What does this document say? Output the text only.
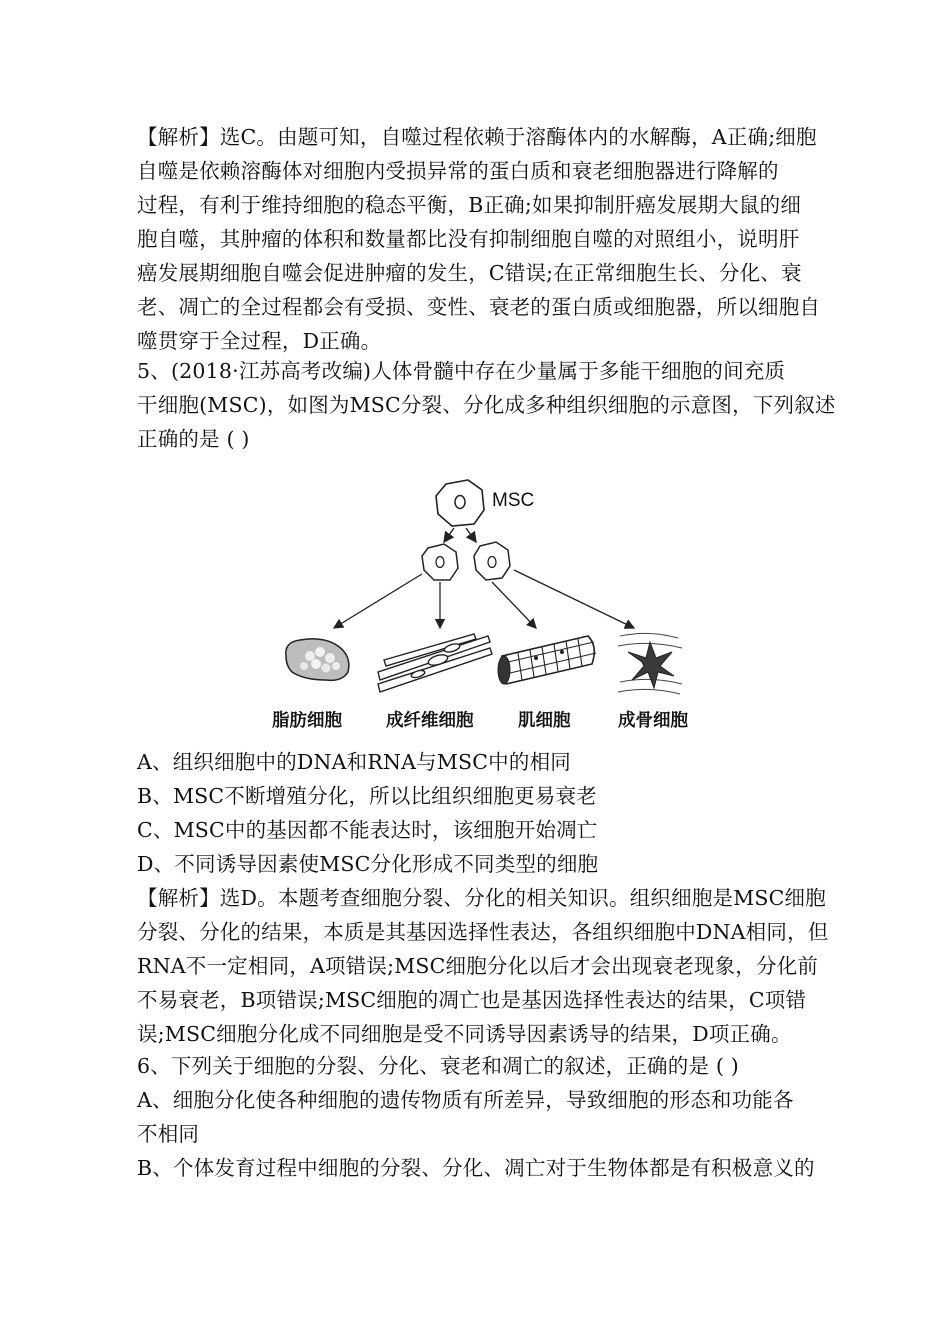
【解析】选C。由题可知，自噬过程依赖于溶酶体内的水解酶，A正确;细胞
自噬是依赖溶酶体对细胞内受损异常的蛋白质和衰老细胞器进行降解的
过程，有利于维持细胞的稳态平衡，B正确;如果抑制肝癌发展期大鼠的细
胞自噬，其肿瘤的体积和数量都比没有抑制细胞自噬的对照组小，说明肝
癌发展期细胞自噬会促进肿瘤的发生，C错误;在正常细胞生长、分化、衰
老、凋亡的全过程都会有受损、变性、衰老的蛋白质或细胞器，所以细胞自
噬贯穿于全过程，D正确。
5、(2018·江苏高考改编)人体骨髓中存在少量属于多能干细胞的间充质
干细胞(MSC)，如图为MSC分裂、分化成多种组织细胞的示意图，下列叙述
正确的是 ( )
MSC
脂肪细胞	成纤维细胞	肌细胞	成骨细胞
A、组织细胞中的DNA和RNA与MSC中的相同
B、MSC不断增殖分化，所以比组织细胞更易衰老
C、MSC中的基因都不能表达时，该细胞开始凋亡
D、不同诱导因素使MSC分化形成不同类型的细胞
【解析】选D。本题考查细胞分裂、分化的相关知识。组织细胞是MSC细胞
分裂、分化的结果，本质是其基因选择性表达，各组织细胞中DNA相同，但
RNA不一定相同，A项错误;MSC细胞分化以后才会出现衰老现象，分化前
不易衰老，B项错误;MSC细胞的凋亡也是基因选择性表达的结果，C项错
误;MSC细胞分化成不同细胞是受不同诱导因素诱导的结果，D项正确。
6、下列关于细胞的分裂、分化、衰老和凋亡的叙述，正确的是 ( )
A、细胞分化使各种细胞的遗传物质有所差异，导致细胞的形态和功能各
不相同
B、个体发育过程中细胞的分裂、分化、凋亡对于生物体都是有积极意义的
